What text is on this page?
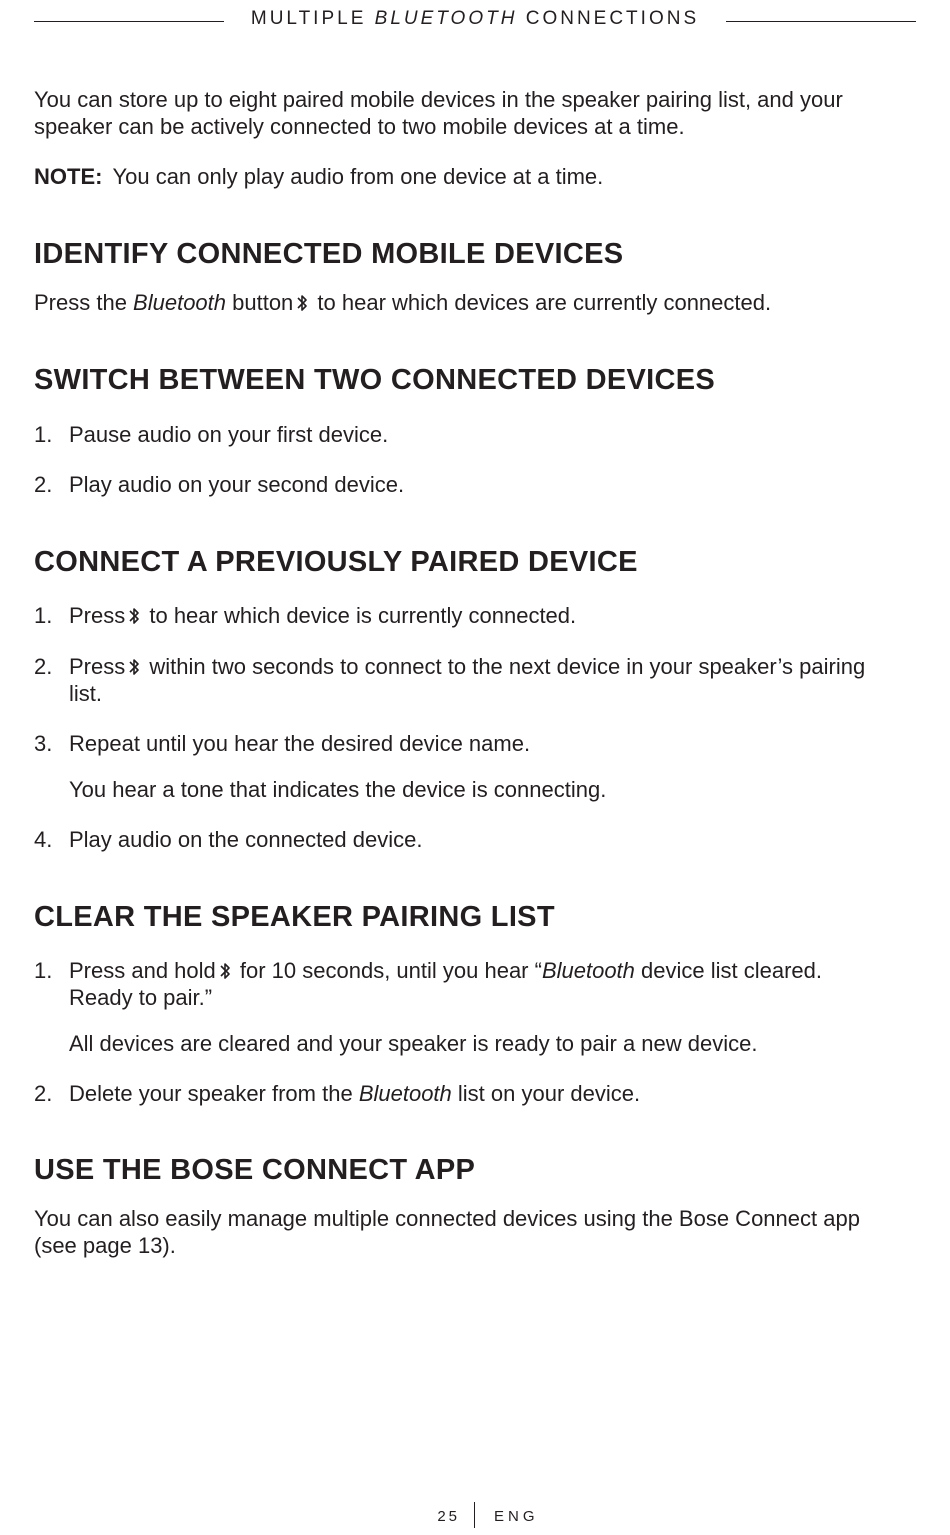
MULTIPLE BLUETOOTH CONNECTIONS
You can store up to eight paired mobile devices in the speaker pairing list, and your speaker can be actively connected to two mobile devices at a time.
NOTE: You can only play audio from one device at a time.
IDENTIFY CONNECTED MOBILE DEVICES
Press the Bluetooth button to hear which devices are currently connected.
SWITCH BETWEEN TWO CONNECTED DEVICES
1. Pause audio on your first device.
2. Play audio on your second device.
CONNECT A PREVIOUSLY PAIRED DEVICE
1. Press to hear which device is currently connected.
2. Press within two seconds to connect to the next device in your speaker’s pairing list.
3. Repeat until you hear the desired device name.
You hear a tone that indicates the device is connecting.
4. Play audio on the connected device.
CLEAR THE SPEAKER PAIRING LIST
1. Press and hold for 10 seconds, until you hear “Bluetooth device list cleared. Ready to pair.”
All devices are cleared and your speaker is ready to pair a new device.
2. Delete your speaker from the Bluetooth list on your device.
USE THE BOSE CONNECT APP
You can also easily manage multiple connected devices using the Bose Connect app (see page 13).
25 ENG
